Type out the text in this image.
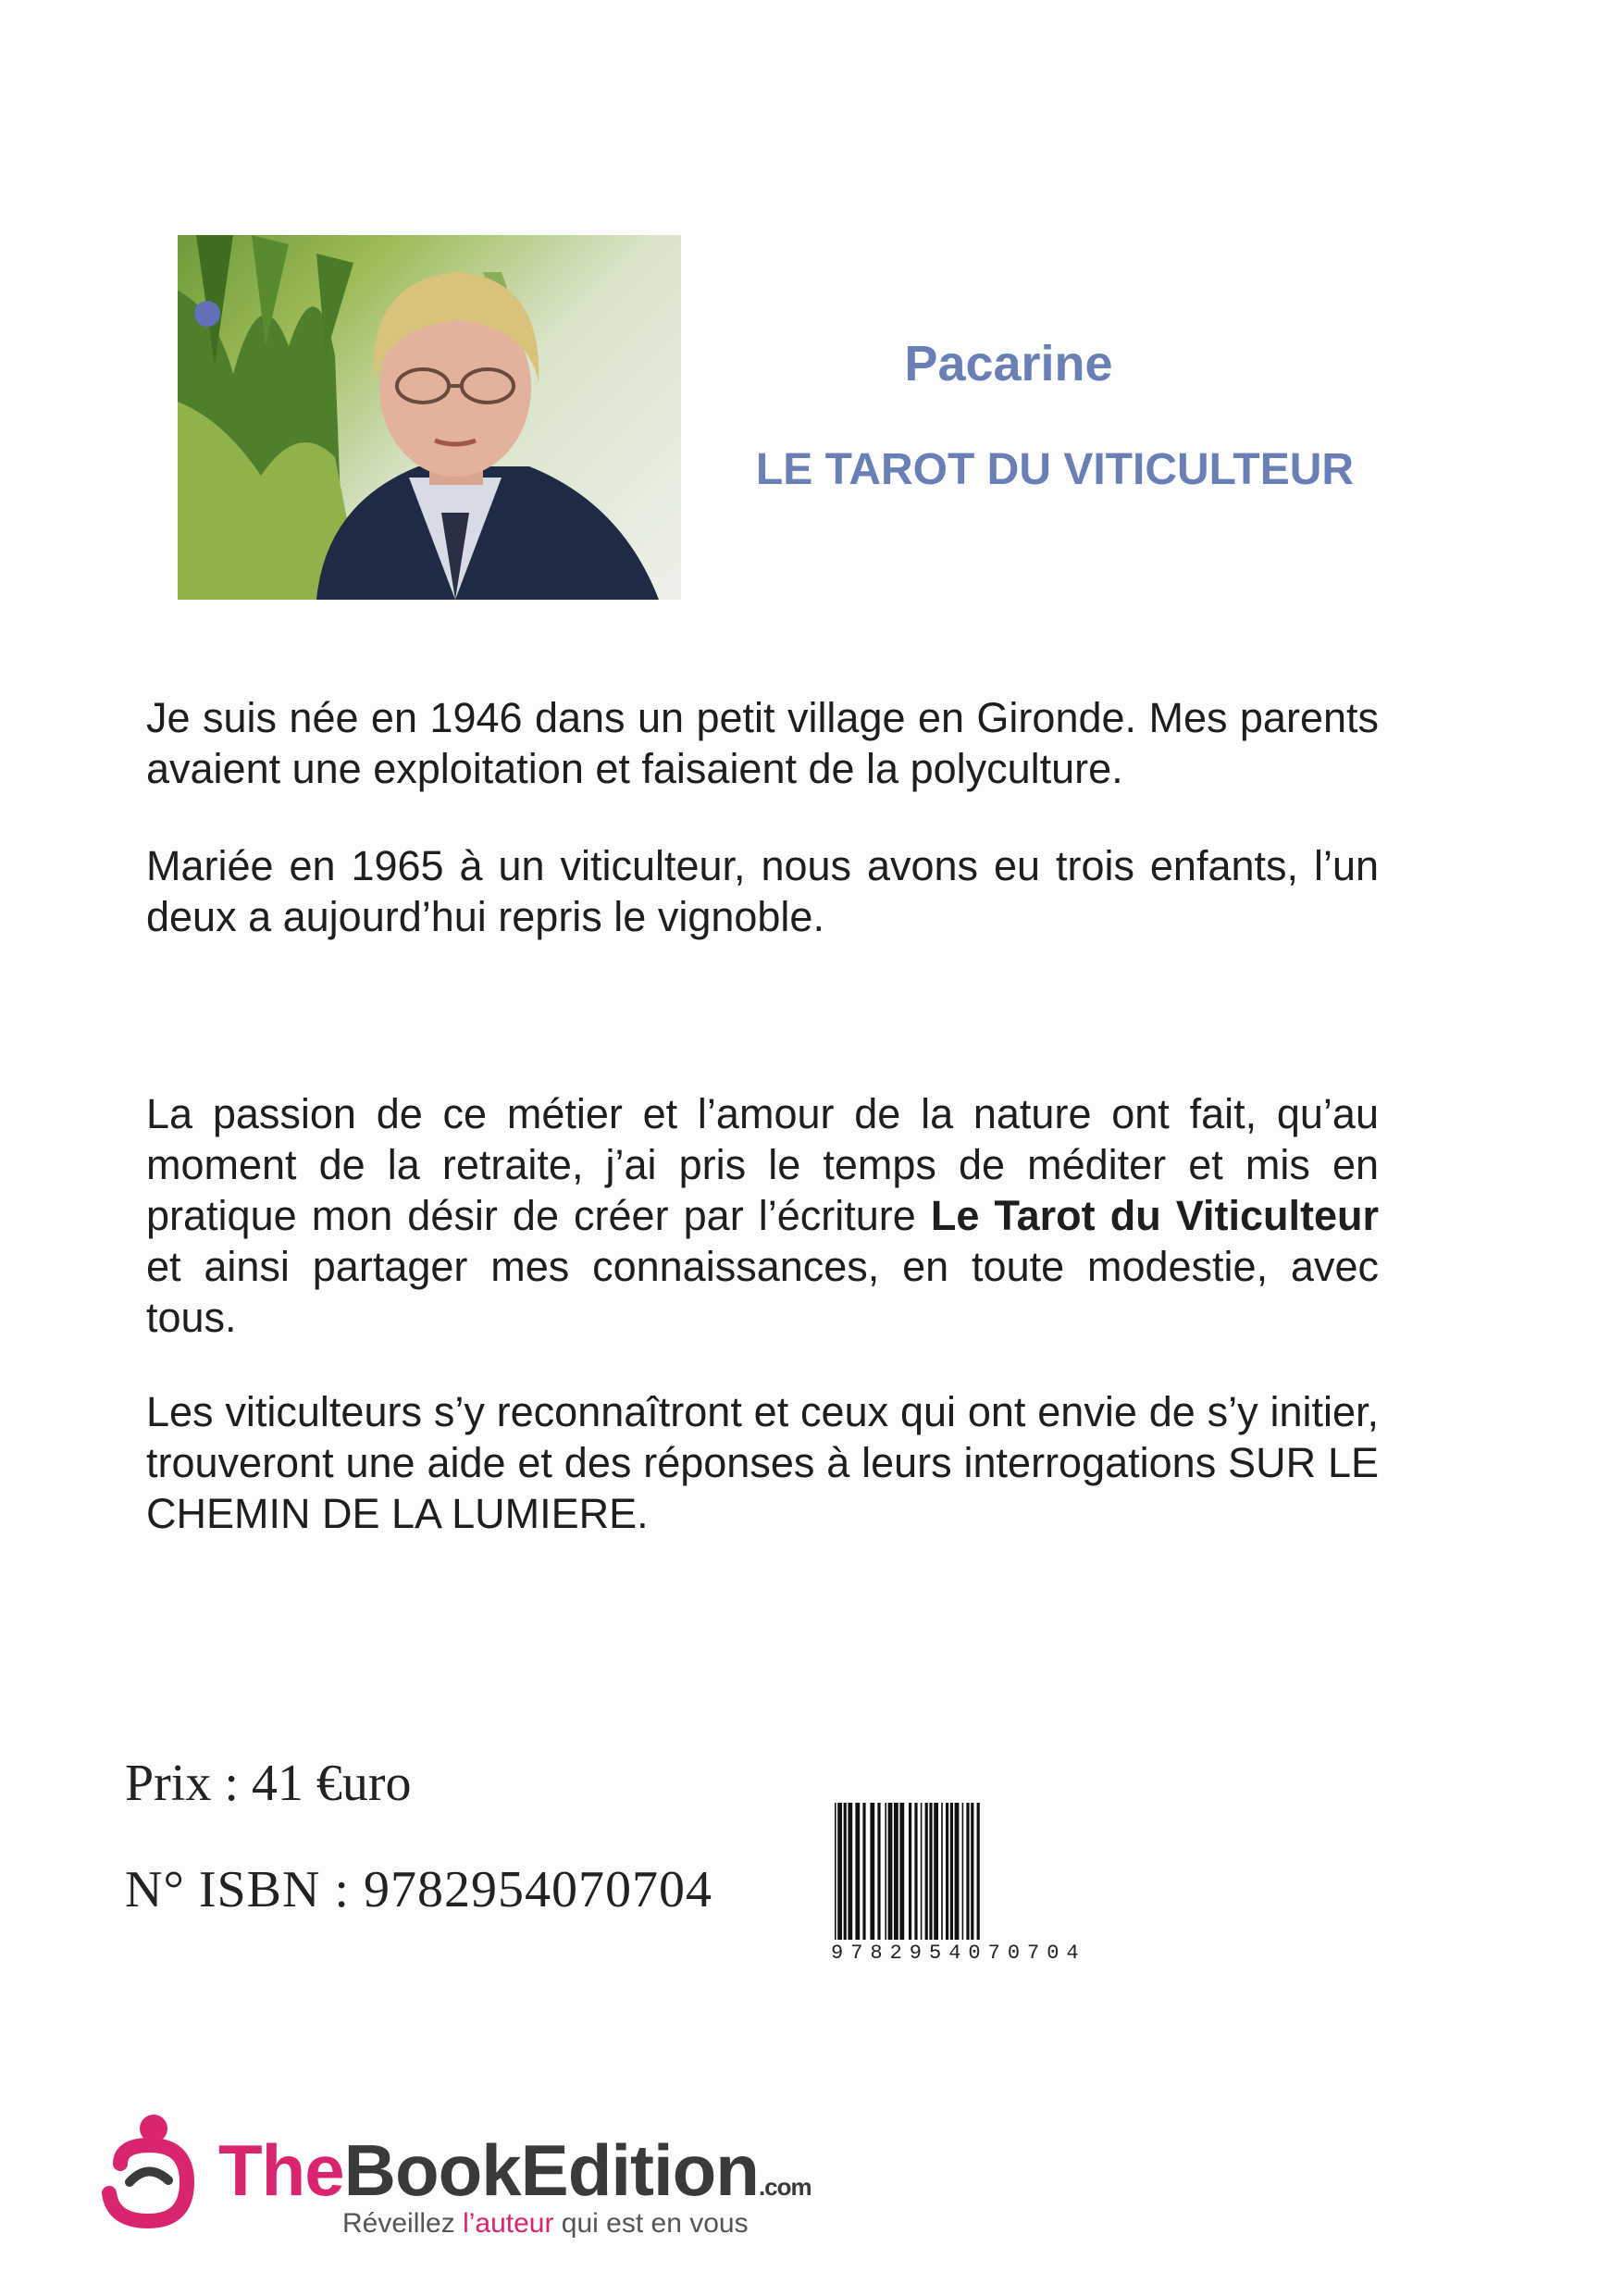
Pacarine
LE TAROT DU VITICULTEUR

Je suis née en 1946 dans un petit village en Gironde. Mes parents avaient une exploitation et faisaient de la polyculture.

Mariée en 1965 à un viticulteur, nous avons eu trois enfants, l’un deux a aujourd’hui repris le vignoble.

La passion de ce métier et l’amour de la nature ont fait, qu’au moment de la retraite, j’ai pris le temps de méditer et mis en pratique mon désir de créer par l’écriture Le Tarot du Viticulteur et ainsi partager mes connaissances, en toute modestie, avec tous.

Les viticulteurs s’y reconnaîtront et ceux qui ont envie de s’y initier, trouveront une aide et des réponses à leurs interrogations SUR LE CHEMIN DE LA LUMIERE.

Prix : 41 €uro
N° ISBN : 9782954070704
9782954070704
TheBookEdition.com
Réveillez l’auteur qui est en vous
